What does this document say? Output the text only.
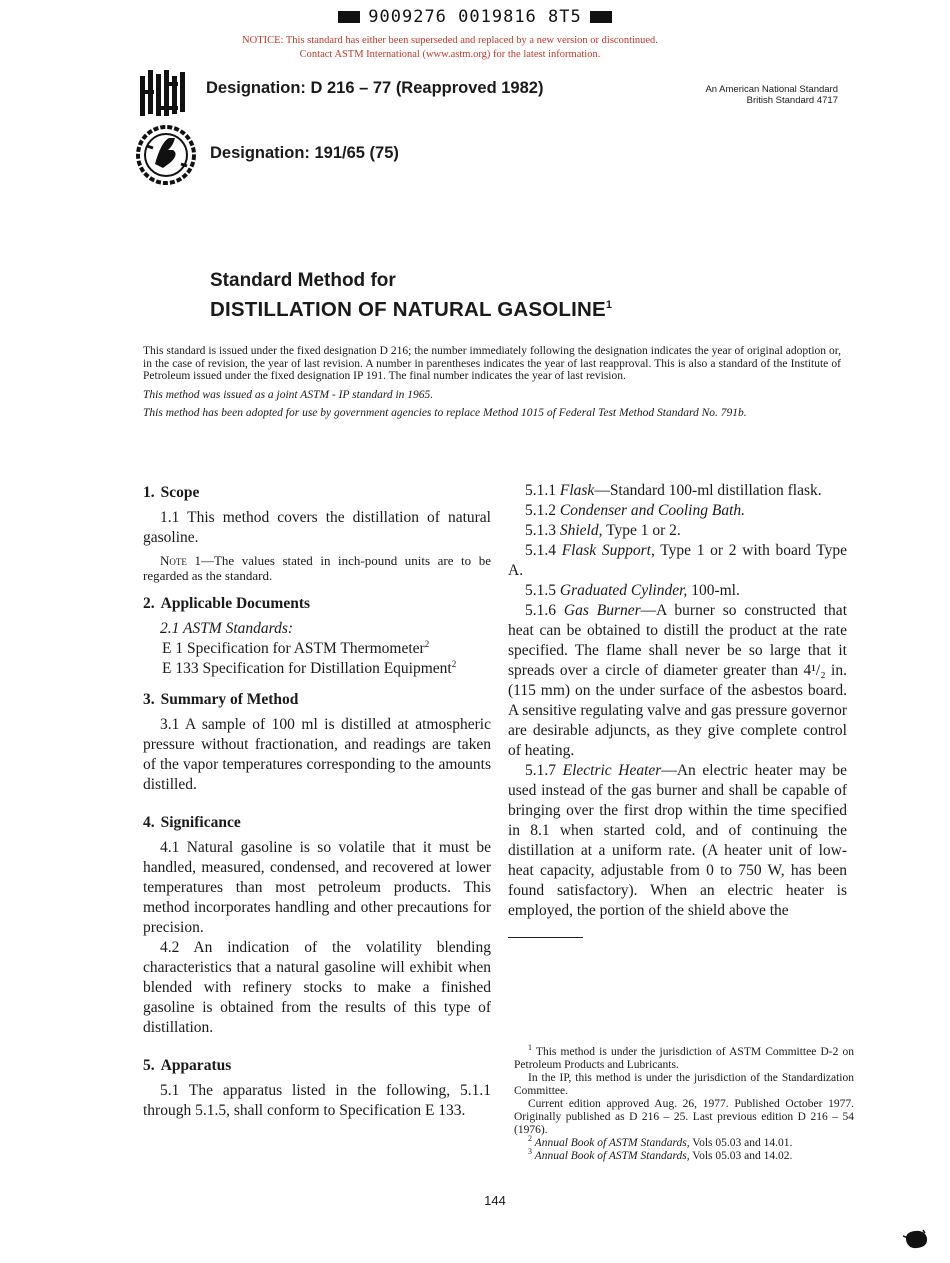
9009276 0019816 8T5
NOTICE: This standard has either been superseded and replaced by a new version or discontinued.
Contact ASTM International (www.astm.org) for the latest information.
Designation: D 216 – 77 (Reapproved 1982)
Designation: 191/65 (75)
An American National Standard
British Standard 4717
Standard Method for
DISTILLATION OF NATURAL GASOLINE$^1$

This standard is issued under the fixed designation D 216; the number immediately following the designation indicates the year of original adoption or, in the case of revision, the year of last revision. A number in parentheses indicates the year of last reapproval. This is also a standard of the Institute of Petroleum issued under the fixed designation IP 191. The final number indicates the year of last revision.

This method was issued as a joint ASTM - IP standard in 1965.

This method has been adopted for use by government agencies to replace Method 1015 of Federal Test Method Standard No. 791b.

1. Scope

1.1 This method covers the distillation of natural gasoline.

Note 1—The values stated in inch-pound units are to be regarded as the standard.

2. Applicable Documents

2.1 ASTM Standards:

E 1 Specification for ASTM Thermometer$^2$

E 133 Specification for Distillation Equipment$^2$

3. Summary of Method

3.1 A sample of 100 ml is distilled at atmospheric pressure without fractionation, and readings are taken of the vapor temperatures corresponding to the amounts distilled.

4. Significance

4.1 Natural gasoline is so volatile that it must be handled, measured, condensed, and recovered at lower temperatures than most petroleum products. This method incorporates handling and other precautions for precision.

4.2 An indication of the volatility blending characteristics that a natural gasoline will exhibit when blended with refinery stocks to make a finished gasoline is obtained from the results of this type of distillation.

5. Apparatus

5.1 The apparatus listed in the following, 5.1.1 through 5.1.5, shall conform to Specification E 133.

5.1.1 Flask—Standard 100-ml distillation flask.

5.1.2 Condenser and Cooling Bath.

5.1.3 Shield, Type 1 or 2.

5.1.4 Flask Support, Type 1 or 2 with board Type A.

5.1.5 Graduated Cylinder, 100-ml.

5.1.6 Gas Burner—A burner so constructed that heat can be obtained to distill the product at the rate specified. The flame shall never be so large that it spreads over a circle of diameter greater than 4¹/₂ in. (115 mm) on the under surface of the asbestos board. A sensitive regulating valve and gas pressure governor are desirable adjuncts, as they give complete control of heating.

5.1.7 Electric Heater—An electric heater may be used instead of the gas burner and shall be capable of bringing over the first drop within the time specified in 8.1 when started cold, and of continuing the distillation at a uniform rate. (A heater unit of low-heat capacity, adjustable from 0 to 750 W, has been found satisfactory). When an electric heater is employed, the portion of the shield above the

$^1$ This method is under the jurisdiction of ASTM Committee D-2 on Petroleum Products and Lubricants.

In the IP, this method is under the jurisdiction of the Standardization Committee.

Current edition approved Aug. 26, 1977. Published October 1977. Originally published as D 216 – 25. Last previous edition D 216 – 54 (1976).

$^2$ Annual Book of ASTM Standards, Vols 05.03 and 14.01.

$^3$ Annual Book of ASTM Standards, Vols 05.03 and 14.02.

144
